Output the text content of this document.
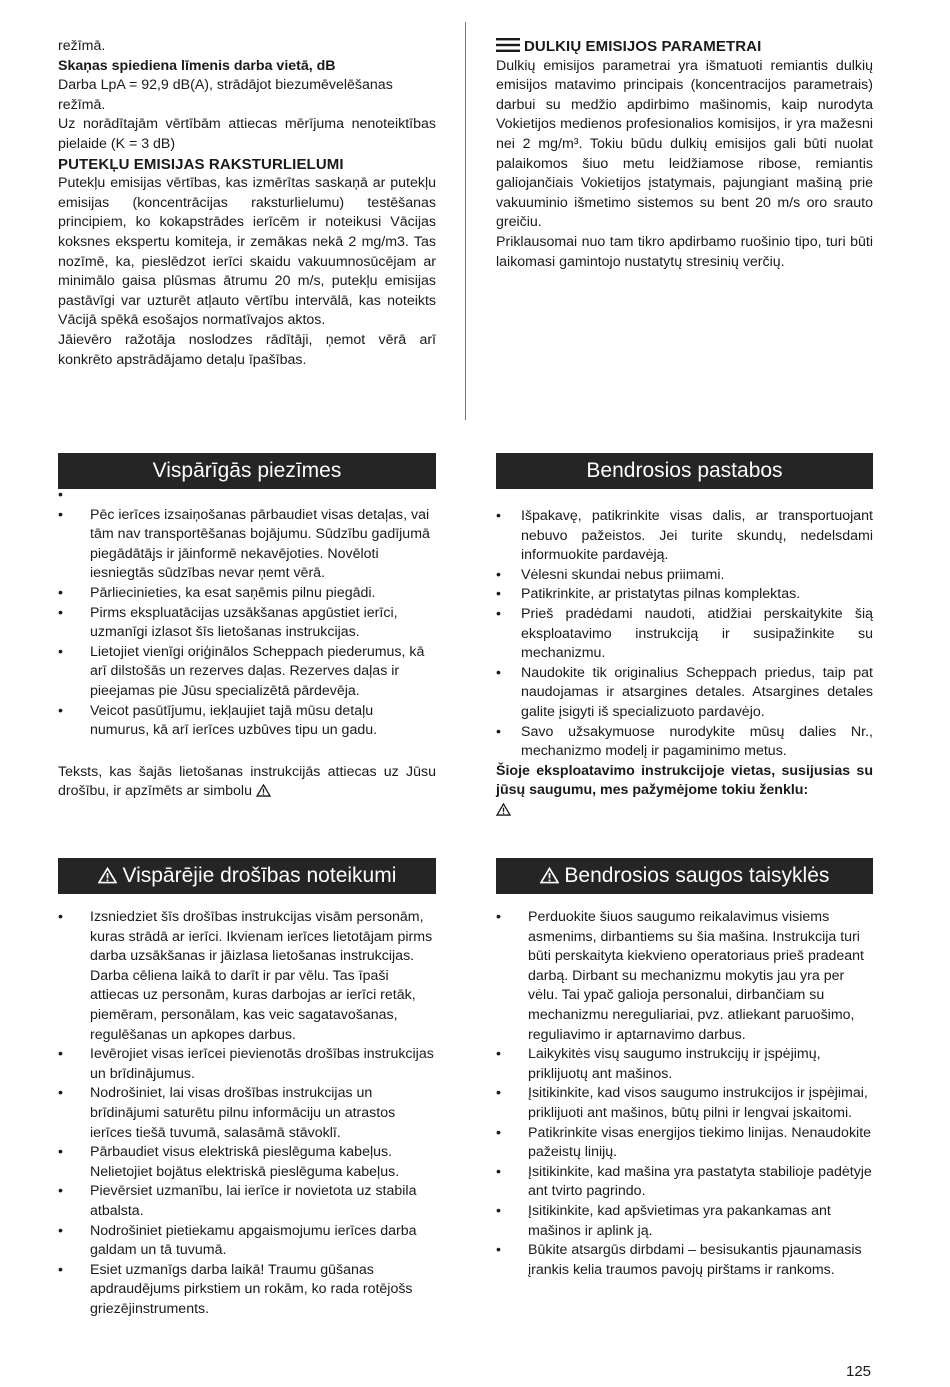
režīmā.

Skaņas spiediena līmenis darba vietā, dB

Darba LpA = 92,9 dB(A), strādājot biezumēvelēšanas

režīmā.

Uz norādītajām vērtībām attiecas mērījuma nenoteiktības pielaide (K = 3 dB)

PUTEKĻU EMISIJAS RAKSTURLIELUMI

Putekļu emisijas vērtības, kas izmērītas saskaņā ar putekļu emisijas (koncentrācijas raksturlielumu) testēšanas principiem, ko kokapstrādes ierīcēm ir noteikusi Vācijas koksnes ekspertu komiteja, ir zemākas nekā 2 mg/m3. Tas nozīmē, ka, pieslēdzot ierīci skaidu vakuumnosūcējam ar minimālo gaisa plūsmas ātrumu 20 m/s, putekļu emisijas pastāvīgi var uzturēt atļauto vērtību intervālā, kas noteikts Vācijā spēkā esošajos normatīvajos aktos.

Jāievēro ražotāja noslodzes rādītāji, ņemot vērā arī konkrēto apstrādājamo detaļu īpašības.

DULKIŲ EMISIJOS PARAMETRAI

Dulkių emisijos parametrai yra išmatuoti remiantis dulkių emisijos matavimo principais (koncentracijos parametrais) darbui su medžio apdirbimo mašinomis, kaip nurodyta Vokietijos medienos profesionalios komisijos, ir yra mažesni nei 2 mg/m³. Tokiu būdu dulkių emisijos gali būti nuolat palaikomos šiuo metu leidžiamose ribose, remiantis galiojančiais Vokietijos įstatymais, pajungiant mašiną prie vakuuminio išmetimo sistemos su bent 20 m/s oro srauto greičiu.

Priklausomai nuo tam tikro apdirbamo ruošinio tipo, turi būti laikomasi gamintojo nustatytų stresinių verčių.

Vispārīgās piezīmes
•

• Pēc ierīces izsaiņošanas pārbaudiet visas detaļas, vai tām nav transportēšanas bojājumu. Sūdzību gadījumā piegādātājs ir jāinformē nekavējoties. Novēloti iesniegtās sūdzības nevar ņemt vērā.
• Pārliecinieties, ka esat saņēmis pilnu piegādi.
• Pirms ekspluatācijas uzsākšanas apgūstiet ierīci, uzmanīgi izlasot šīs lietošanas instrukcijas.
• Lietojiet vienīgi oriģinālos Scheppach piederumus, kā arī dilstošās un rezerves daļas. Rezerves daļas ir pieejamas pie Jūsu specializētā pārdevēja.
• Veicot pasūtījumu, iekļaujiet tajā mūsu detaļu numurus, kā arī ierīces uzbūves tipu un gadu.

Teksts, kas šajās lietošanas instrukcijās attiecas uz Jūsu drošību, ir apzīmēts ar simbolu

Bendrosios pastabos
• Išpakavę, patikrinkite visas dalis, ar transportuojant nebuvo pažeistos. Jei turite skundų, nedelsdami informuokite pardavėją.
• Vėlesni skundai nebus priimami.
• Patikrinkite, ar pristatytas pilnas komplektas.
• Prieš pradėdami naudoti, atidžiai perskaitykite šią eksploatavimo instrukciją ir susipažinkite su mechanizmu.
• Naudokite tik originalius Scheppach priedus, taip pat naudojamas ir atsargines detales. Atsargines detales galite įsigyti iš specializuoto pardavėjo.
• Savo užsakymuose nurodykite mūsų dalies Nr., mechanizmo modelį ir pagaminimo metus.

Šioje eksploatavimo instrukcijoje vietas, susijusias su jūsų saugumu, mes pažymėjome tokiu ženklu:

Vispārējie drošības noteikumi
• Izsniedziet šīs drošības instrukcijas visām personām, kuras strādā ar ierīci. Ikvienam ierīces lietotājam pirms darba uzsākšanas ir jāizlasa lietošanas instrukcijas. Darba cēliena laikā to darīt ir par vēlu. Tas īpaši attiecas uz personām, kuras darbojas ar ierīci retāk, piemēram, personālam, kas veic sagatavošanas, regulēšanas un apkopes darbus.
• Ievērojiet visas ierīcei pievienotās drošības instrukcijas un brīdinājumus.
• Nodrošiniet, lai visas drošības instrukcijas un brīdinājumi saturētu pilnu informāciju un atrastos ierīces tiešā tuvumā, salasāmā stāvoklī.
• Pārbaudiet visus elektriskā pieslēguma kabeļus. Nelietojiet bojātus elektriskā pieslēguma kabeļus.
• Pievērsiet uzmanību, lai ierīce ir novietota uz stabila atbalsta.
• Nodrošiniet pietiekamu apgaismojumu ierīces darba galdam un tā tuvumā.
• Esiet uzmanīgs darba laikā! Traumu gūšanas apdraudējums pirkstiem un rokām, ko rada rotējošs griezējinstruments.
Bendrosios saugos taisyklės
• Perduokite šiuos saugumo reikalavimus visiems asmenims, dirbantiems su šia mašina. Instrukcija turi būti perskaityta kiekvieno operatoriaus prieš pradeant darbą. Dirbant su mechanizmu mokytis jau yra per vėlu. Tai ypač galioja personalui, dirbančiam su mechanizmu nereguliariai, pvz. atliekant paruošimo, reguliavimo ir aptarnavimo darbus.
• Laikykitės visų saugumo instrukcijų ir įspėjimų, priklijuotų ant mašinos.
• Įsitikinkite, kad visos saugumo instrukcijos ir įspėjimai, priklijuoti ant mašinos, būtų pilni ir lengvai įskaitomi.
• Patikrinkite visas energijos tiekimo linijas. Nenaudokite pažeistų linijų.
• Įsitikinkite, kad mašina yra pastatyta stabilioje padėtyje ant tvirto pagrindo.
• Įsitikinkite, kad apšvietimas yra pakankamas ant mašinos ir aplink ją.
• Būkite atsargūs dirbdami – besisukantis pjaunamasis įrankis kelia traumos pavojų pirštams ir rankoms.
125
